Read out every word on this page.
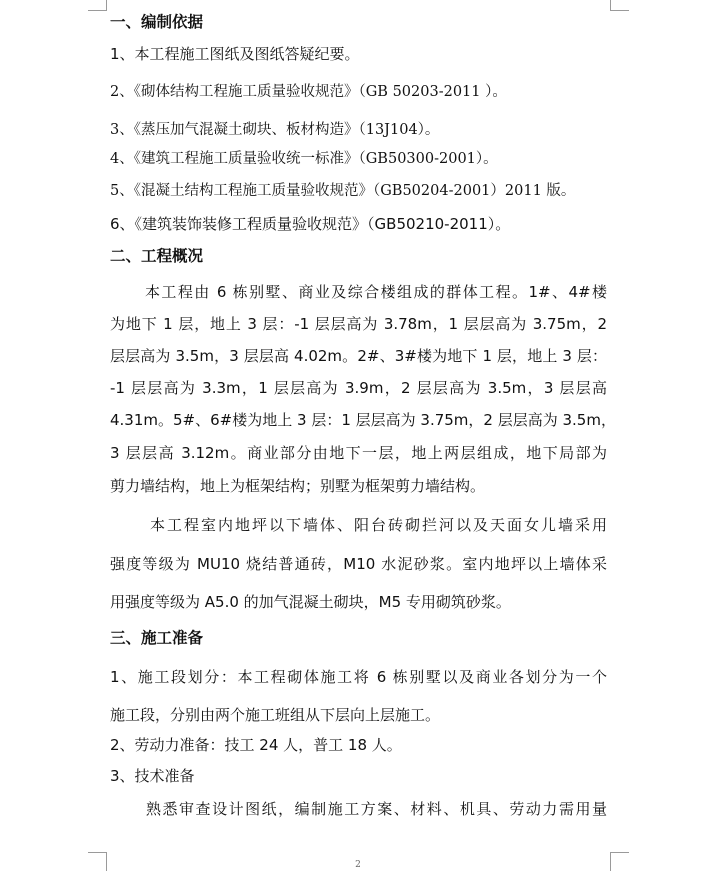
一、编制依据
1、本工程施工图纸及图纸答疑纪要。
2、《砌体结构工程施工质量验收规范》（GB 50203-2011 ）。
3、《蒸压加气混凝土砌块、板材构造》（13J104）。
4、《建筑工程施工质量验收统一标准》（GB50300-2001）。
5、《混凝土结构工程施工质量验收规范》（GB50204-2001）2011 版。
6、《建筑装饰装修工程质量验收规范》（GB50210-2011）。
二、工程概况
本工程由 6 栋别墅、商业及综合楼组成的群体工程。1#、4#楼
为地下 1 层，地上 3 层：-1 层层高为 3.78m，1 层层高为 3.75m，2
层层高为 3.5m，3 层层高 4.02m。2#、3#楼为地下 1 层，地上 3 层：
-1 层层高为 3.3m，1 层层高为 3.9m，2 层层高为 3.5m，3 层层高
4.31m。5#、6#楼为地上 3 层：1 层层高为 3.75m，2 层层高为 3.5m，
3 层层高 3.12m。商业部分由地下一层，地上两层组成，地下局部为
剪力墙结构，地上为框架结构；别墅为框架剪力墙结构。
本工程室内地坪以下墙体、阳台砖砌拦河以及天面女儿墙采用
强度等级为 MU10 烧结普通砖，M10 水泥砂浆。室内地坪以上墙体采
用强度等级为 A5.0 的加气混凝土砌块，M5 专用砌筑砂浆。
三、施工准备
1、施工段划分：本工程砌体施工将 6 栋别墅以及商业各划分为一个
施工段，分别由两个施工班组从下层向上层施工。
2、劳动力准备：技工 24 人，普工 18 人。
3、技术准备
熟悉审查设计图纸，编制施工方案、材料、机具、劳动力需用量
2
